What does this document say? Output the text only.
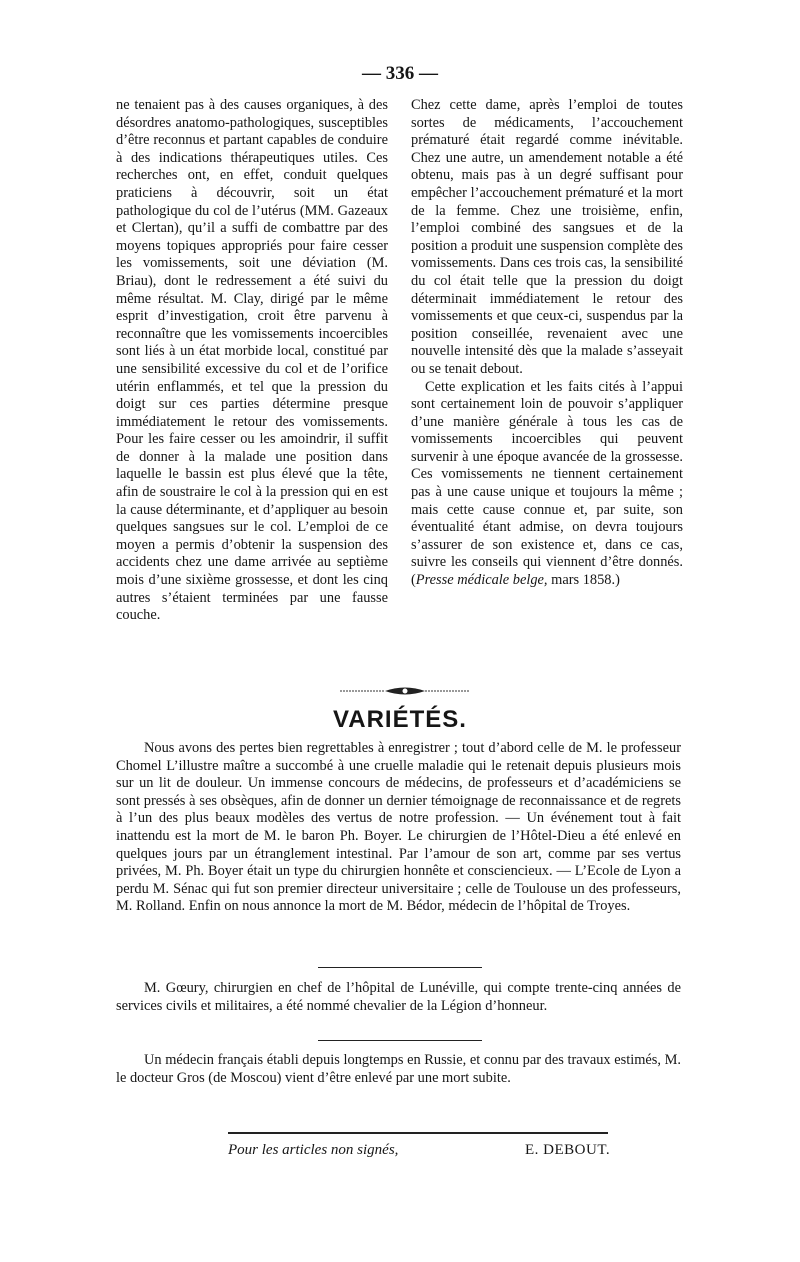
— 336 —

ne tenaient pas à des causes organiques, à des désordres anatomo-pathologiques, susceptibles d’être reconnus et partant capables de conduire à des indications thérapeutiques utiles. Ces recherches ont, en effet, conduit quelques praticiens à découvrir, soit un état pathologique du col de l’utérus (MM. Gazeaux et Clertan), qu’il a suffi de combattre par des moyens topiques appropriés pour faire cesser les vomissements, soit une déviation (M. Briau), dont le redressement a été suivi du même résultat. M. Clay, dirigé par le même esprit d’investigation, croit être parvenu à reconnaître que les vomissements incoercibles sont liés à un état morbide local, constitué par une sensibilité excessive du col et de l’orifice utérin enflammés, et tel que la pression du doigt sur ces parties détermine presque immédiatement le retour des vomissements. Pour les faire cesser ou les amoindrir, il suffit de donner à la malade une position dans laquelle le bassin est plus élevé que la tête, afin de soustraire le col à la pression qui en est la cause déterminante, et d’appliquer au besoin quelques sangsues sur le col. L’emploi de ce moyen a permis d’obtenir la suspension des accidents chez une dame arrivée au septième mois d’une sixième grossesse, et dont les cinq autres s’étaient terminées par une fausse couche.

Chez cette dame, après l’emploi de toutes sortes de médicaments, l’accouchement prématuré était regardé comme inévitable. Chez une autre, un amendement notable a été obtenu, mais pas à un degré suffisant pour empêcher l’accouchement prématuré et la mort de la femme. Chez une troisième, enfin, l’emploi combiné des sangsues et de la position a produit une suspension complète des vomissements. Dans ces trois cas, la sensibilité du col était telle que la pression du doigt déterminait immédiatement le retour des vomissements et que ceux-ci, suspendus par la position conseillée, revenaient avec une nouvelle intensité dès que la malade s’asseyait ou se tenait debout.

Cette explication et les faits cités à l’appui sont certainement loin de pouvoir s’appliquer d’une manière générale à tous les cas de vomissements incoercibles qui peuvent survenir à une époque avancée de la grossesse. Ces vomissements ne tiennent certainement pas à une cause unique et toujours la même ; mais cette cause connue et, par suite, son éventualité étant admise, on devra toujours s’assurer de son existence et, dans ce cas, suivre les conseils qui viennent d’être donnés. (Presse médicale belge, mars 1858.)

VARIÉTÉS.

Nous avons des pertes bien regrettables à enregistrer ; tout d’abord celle de M. le professeur Chomel L’illustre maître a succombé à une cruelle maladie qui le retenait depuis plusieurs mois sur un lit de douleur. Un immense concours de médecins, de professeurs et d’académiciens se sont pressés à ses obsèques, afin de donner un dernier témoignage de reconnaissance et de regrets à l’un des plus beaux modèles des vertus de notre profession. — Un événement tout à fait inattendu est la mort de M. le baron Ph. Boyer. Le chirurgien de l’Hôtel-Dieu a été enlevé en quelques jours par un étranglement intestinal. Par l’amour de son art, comme par ses vertus privées, M. Ph. Boyer était un type du chirurgien honnête et consciencieux. — L’Ecole de Lyon a perdu M. Sénac qui fut son premier directeur universitaire ; celle de Toulouse un des professeurs, M. Rolland. Enfin on nous annonce la mort de M. Bédor, médecin de l’hôpital de Troyes.

M. Gœury, chirurgien en chef de l’hôpital de Lunéville, qui compte trente-cinq années de services civils et militaires, a été nommé chevalier de la Légion d’honneur.

Un médecin français établi depuis longtemps en Russie, et connu par des travaux estimés, M. le docteur Gros (de Moscou) vient d’être enlevé par une mort subite.

Pour les articles non signés,	E. DEBOUT.
